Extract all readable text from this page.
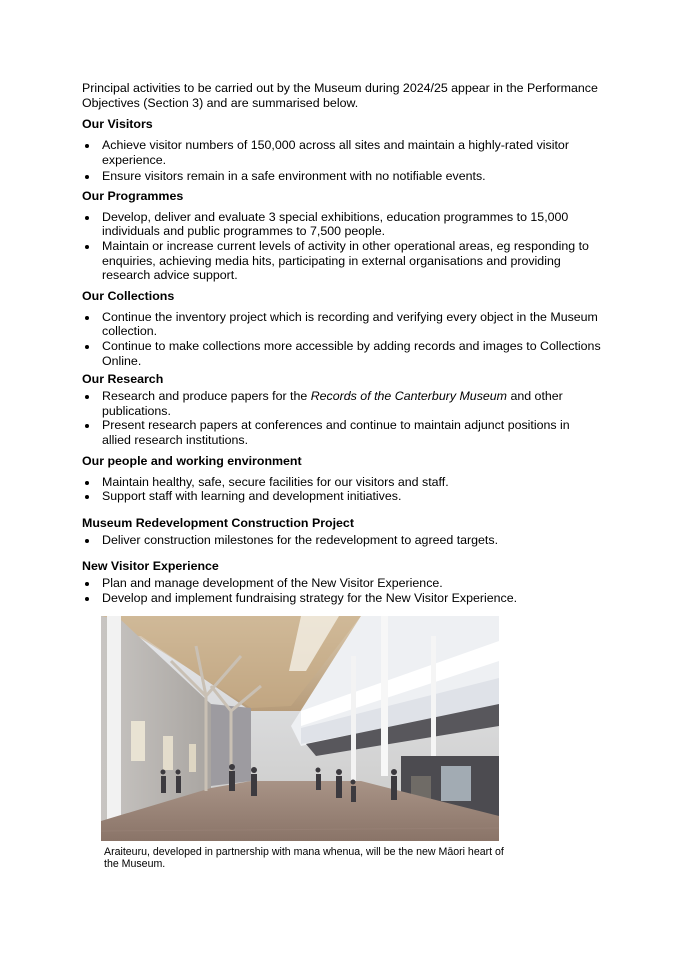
Principal activities to be carried out by the Museum during 2024/25 appear in the Performance Objectives (Section 3) and are summarised below.

Our Visitors
Achieve visitor numbers of 150,000 across all sites and maintain a highly-rated visitor experience.
Ensure visitors remain in a safe environment with no notifiable events.
Our Programmes
Develop, deliver and evaluate 3 special exhibitions, education programmes to 15,000 individuals and public programmes to 7,500 people.
Maintain or increase current levels of activity in other operational areas, eg responding to enquiries, achieving media hits, participating in external organisations and providing research advice support.
Our Collections
Continue the inventory project which is recording and verifying every object in the Museum collection.
Continue to make collections more accessible by adding records and images to Collections Online.
Our Research
Research and produce papers for the Records of the Canterbury Museum and other publications.
Present research papers at conferences and continue to maintain adjunct positions in allied research institutions.
Our people and working environment
Maintain healthy, safe, secure facilities for our visitors and staff.
Support staff with learning and development initiatives.
Museum Redevelopment Construction Project
Deliver construction milestones for the redevelopment to agreed targets.
New Visitor Experience
Plan and manage development of the New Visitor Experience.
Develop and implement fundraising strategy for the New Visitor Experience.
Araiteuru, developed in partnership with mana whenua, will be the new Māori heart of the Museum.
